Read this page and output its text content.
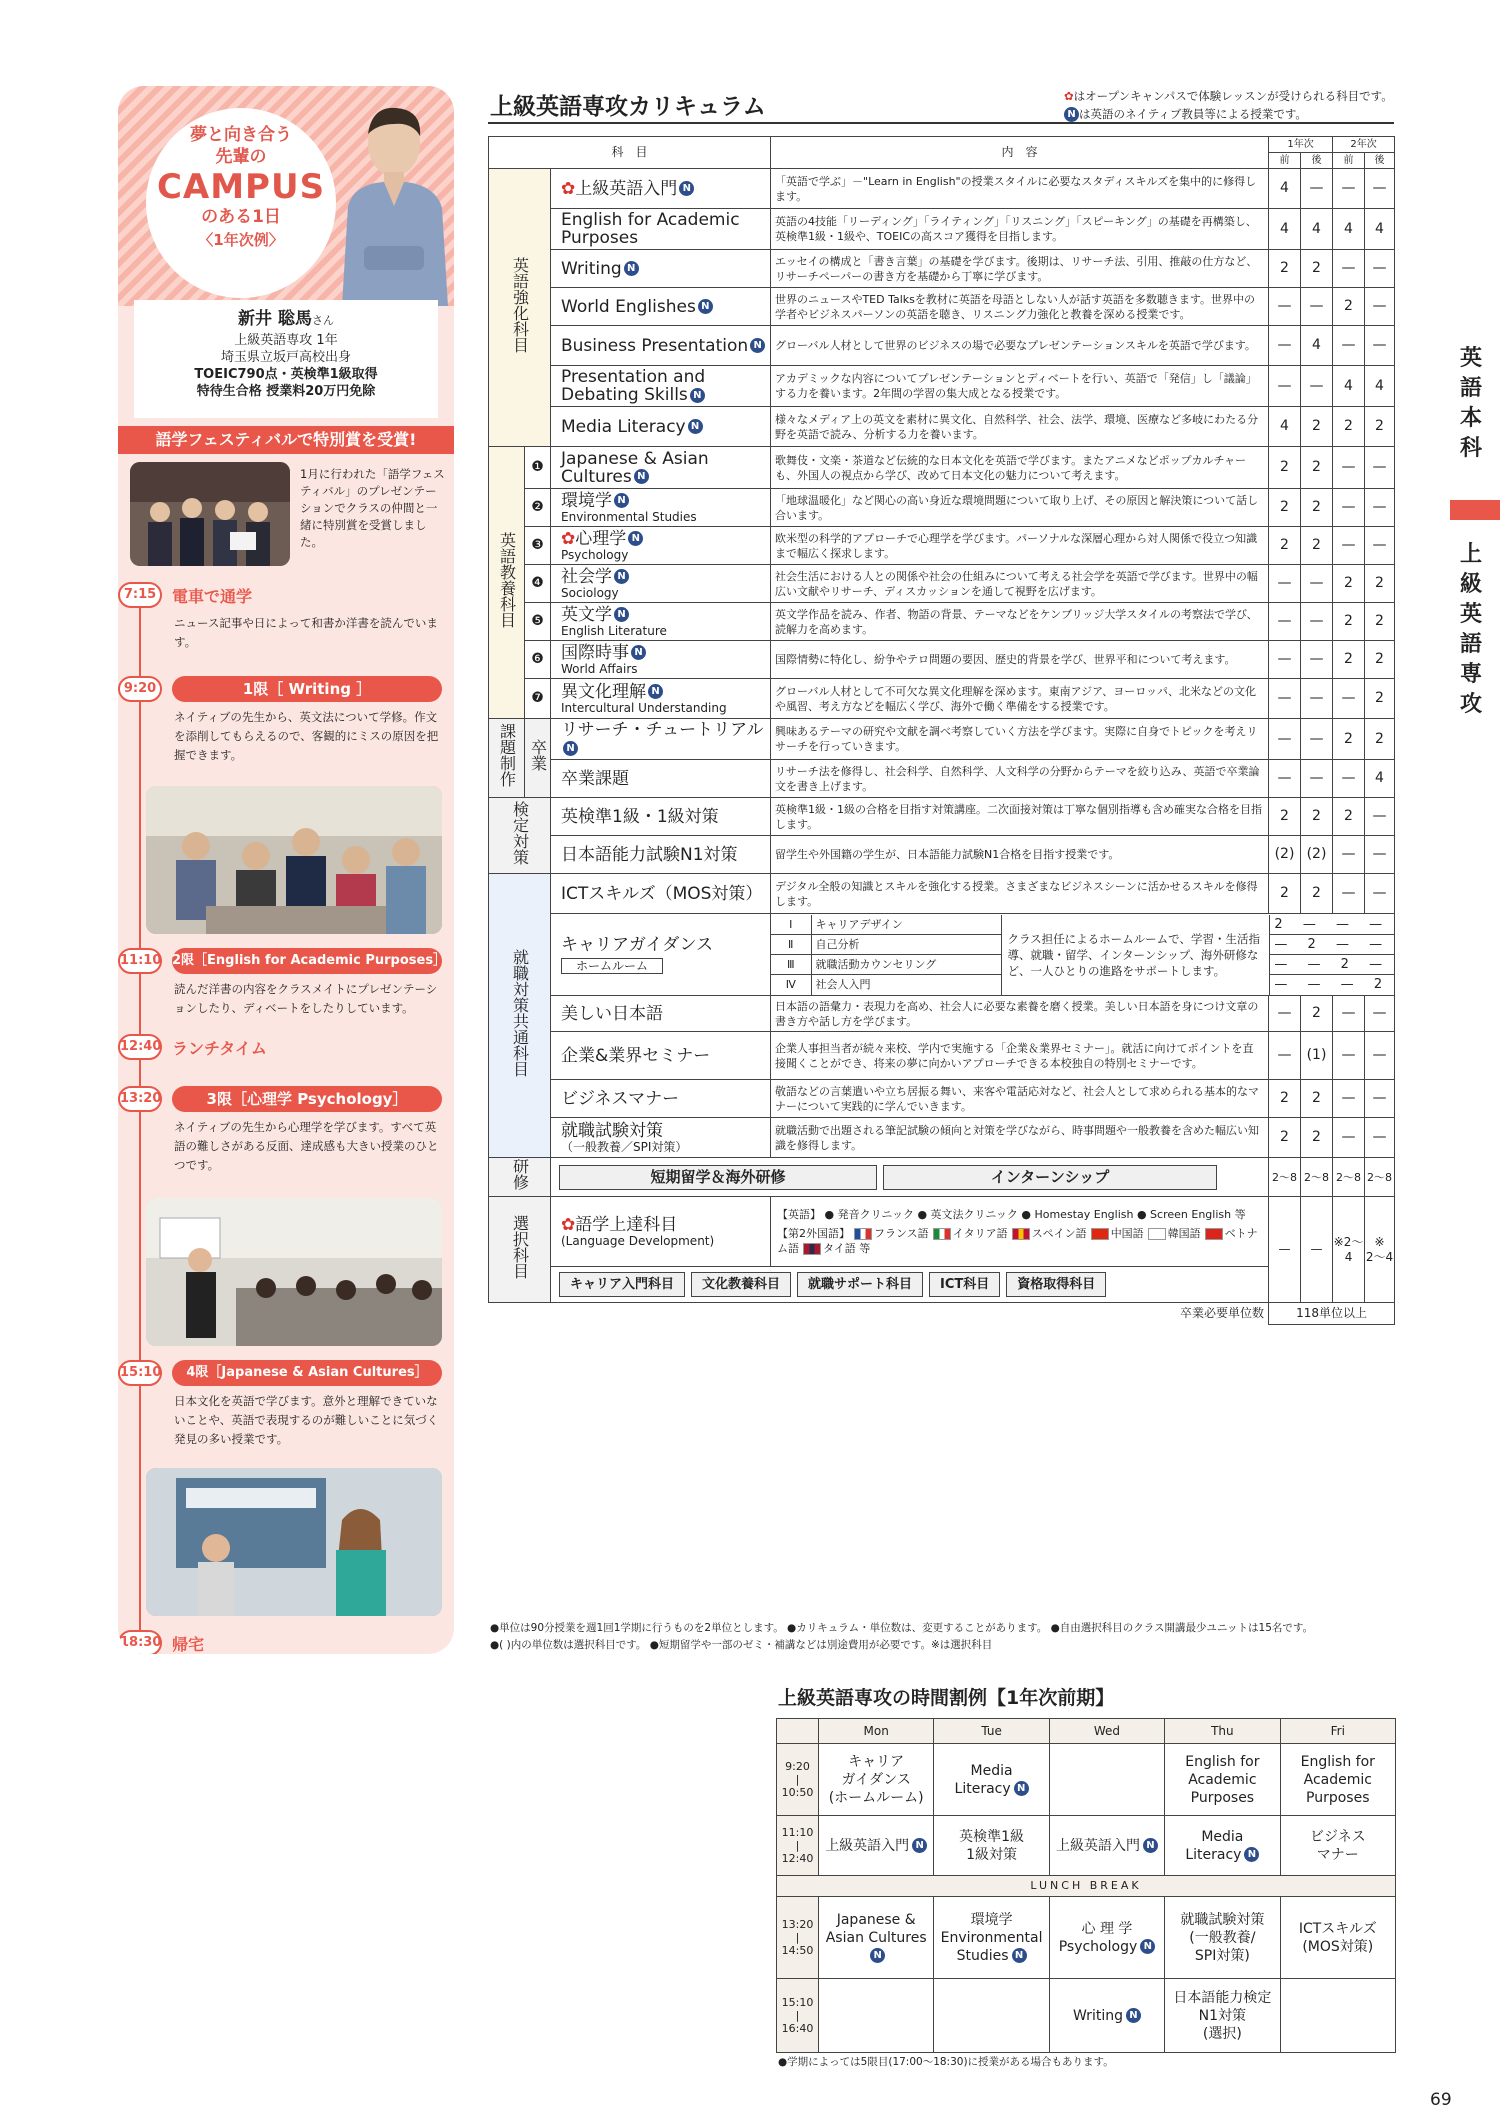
夢と向き合う
先輩の
CAMPUS
のある1日
〈1年次例〉
新井 聡馬さん
上級英語専攻 1年
埼玉県立坂戸高校出身
TOEIC790点・英検準1級取得
特待生合格 授業料20万円免除
語学フェスティバルで特別賞を受賞!
1月に行われた「語学フェスティバル」のプレゼンテーションでクラスの仲間と一緒に特別賞を受賞しました。
7:15 電車で通学
ニュース記事や日によって和書か洋書を読んでいます。
9:20	1限［ Writing ］
ネイティブの先生から、英文法について学修。作文を添削してもらえるので、客観的にミスの原因を把握できます。
11:10 2限［English for Academic Purposes］
読んだ洋書の内容をクラスメイトにプレゼンテーションしたり、ディベートをしたりしています。
12:40 ランチタイム
13:20	3限［心理学 Psychology］
ネイティブの先生から心理学を学びます。すべて英語の難しさがある反面、達成感も大きい授業のひとつです。
15:10	4限［Japanese & Asian Cultures］
日本文化を英語で学びます。意外と理解できていないことや、英語で表現するのが難しいことに気づく発見の多い授業です。
18:30 帰宅
上級英語専攻カリキュラム	✿はオープンキャンパスで体験レッスンが受けられる科目です。
N は英語のネイティブ教員等による授業です。
科　目	内　容	1年次	2年次
前	後	前	後
英語強化科目	✿上級英語入門 N	「英語で学ぶ」－"Learn in English"の授業スタイルに必要なスタディスキルズを集中的に修得します。	4	—	—	—
English for Academic Purposes	英語の4技能「リーディング」「ライティング」「リスニング」「スピーキング」の基礎を再構築し、英検準1級・1級や、TOEICの高スコア獲得を目指します。	4	4	4	4
Writing N	エッセイの構成と「書き言葉」の基礎を学びます。後期は、リサーチ法、引用、推敲の仕方など、リサーチペーパーの書き方を基礎から丁寧に学びます。	2	2	—	—
World Englishes N	世界のニュースやTED Talksを教材に英語を母語としない人が話す英語を多数聴きます。世界中の学者やビジネスパーソンの英語を聴き、リスニング力強化と教養を深める授業です。	—	—	2	—
Business Presentation N	グローバル人材として世界のビジネスの場で必要なプレゼンテーションスキルを英語で学びます。	—	4	—	—
Presentation and Debating Skills N	アカデミックな内容についてプレゼンテーションとディベートを行い、英語で「発信」し「議論」する力を養います。2年間の学習の集大成となる授業です。	—	—	4	4
Media Literacy N	様々なメディア上の英文を素材に異文化、自然科学、社会、法学、環境、医療など多岐にわたる分野を英語で読み、分析する力を養います。	4	2	2	2
英語教養科目	❶	Japanese & Asian Cultures N	歌舞伎・文楽・茶道など伝統的な日本文化を英語で学びます。またアニメなどポップカルチャーも、外国人の視点から学び、改めて日本文化の魅力について考えます。	2	2	—	—
❷	環境学 N
Environmental Studies
	「地球温暖化」など関心の高い身近な環境問題について取り上げ、その原因と解決策について話し合います。	2	2	—	—
❸	✿心理学 N
Psychology
	欧米型の科学的アプローチで心理学を学びます。パーソナルな深層心理から対人関係で役立つ知識まで幅広く探求します。	2	2	—	—
❹	社会学 N
Sociology
	社会生活における人との関係や社会の仕組みについて考える社会学を英語で学びます。世界中の幅広い文献やリサーチ、ディスカッションを通して視野を広げます。	—	—	2	2
❺	英文学 N
English Literature
	英文学作品を読み、作者、物語の背景、テーマなどをケンブリッジ大学スタイルの考察法で学び、読解力を高めます。	—	—	2	2
❻	国際時事 N
World Affairs
	国際情勢に特化し、紛争やテロ問題の要因、歴史的背景を学び、世界平和について考えます。	—	—	2	2
❼	異文化理解 N
Intercultural Understanding
	グローバル人材として不可欠な異文化理解を深めます。東南アジア、ヨーロッパ、北米などの文化や風習、考え方などを幅広く学び、海外で働く準備をする授業です。	—	—	—	2
課題制作	卒業	リサーチ・チュートリアルN	興味あるテーマの研究や文献を調べ考察していく方法を学びます。実際に自身でトピックを考えリサーチを行っていきます。	—	—	2	2
卒業課題	リサーチ法を修得し、社会科学、自然科学、人文科学の分野からテーマを絞り込み、英語で卒業論文を書き上げます。	—	—	—	4
検定対策	英検準1級・1級対策	英検準1級・1級の合格を目指す対策講座。二次面接対策は丁寧な個別指導も含め確実な合格を目指します。	2	2	2	—
日本語能力試験N1対策	留学生や外国籍の学生が、日本語能力試験N1合格を目指す授業です。	(2)	(2)	—	—
就職対策共通科目	ICTスキルズ（MOS対策）	デジタル全般の知識とスキルを強化する授業。さまざまなビジネスシーンに活かせるスキルを修得します。	2	2	—	—
キャリアガイダンスホームルーム	
Ⅰ	キャリアデザイン	クラス担任によるホームルームで、学習・生活指導、就職・留学、インターンシップ、海外研修など、一人ひとりの進路をサポートします。	2 — — —
Ⅱ	自己分析	— 2 — —
Ⅲ	就職活動カウンセリング	— — 2 —
Ⅳ	社会人入門	— — — 2

美しい日本語	日本語の語彙力・表現力を高め、社会人に必要な素養を磨く授業。美しい日本語を身につけ文章の書き方や話し方を学びます。	—	2	—	—
企業&業界セミナー	企業人事担当者が続々来校、学内で実施する「企業＆業界セミナー」。就活に向けてポイントを直接聞くことができ、将来の夢に向かいアプローチできる本校独自の特別セミナーです。	—	(1)	—	—
ビジネスマナー	敬語などの言葉遣いや立ち居振る舞い、来客や電話応対など、社会人として求められる基本的なマナーについて実践的に学んでいきます。	2	2	—	—
就職試験対策
（一般教養／SPI対策）
	就職活動で出題される筆記試験の傾向と対策を学びながら、時事問題や一般教養を含めた幅広い知識を修得します。	2	2	—	—
研修	短期留学＆海外研修	インターンシップ	2〜8	2〜8	2〜8	2〜8
選択科目	✿語学上達科目
(Language Development)

【英語】 ● 発音クリニック ● 英文法クリニック ● Homestay English ● Screen English 等
【第2外国語】 フランス語 イタリア語 スペイン語 中国語 韓国語 ベトナム語 タイ語 等	—	—	※2〜4	※2〜4
キャリア入門科目 文化教養科目 就職サポート科目 ICT科目 資格取得科目
卒業必要単位数	118単位以上
●単位は90分授業を週1回1学期に行うものを2単位とします。 ●カリキュラム・単位数は、変更することがあります。 ●自由選択科目のクラス開講最少ユニットは15名です。
●( )内の単位数は選択科目です。 ●短期留学や一部のゼミ・補講などは別途費用が必要です。※は選択科目
上級英語専攻の時間割例【1年次前期】
	Mon	Tue	Wed	Thu	Fri
9:20
|
10:50	キャリア
ガイダンス
(ホームルーム)	Media
Literacy N		English for
Academic
Purposes	English for
Academic
Purposes
11:10
|
12:40	上級英語入門 N	英検準1級
1級対策	上級英語入門 N	Media
Literacy N	ビジネス
マナー
LUNCH BREAK					
13:20
|
14:50	Japanese &
Asian CulturesN	環境学
Environmental
Studies N	心 理 学
Psychology N	就職試験対策
(一般教養/
SPI対策)	ICTスキルズ
(MOS対策)
15:10
|
16:40			Writing N	日本語能力検定
N1対策
(選択)	
●学期によっては5限目(17:00〜18:30)に授業がある場合もあります。
英語本科
上級英語専攻
69
